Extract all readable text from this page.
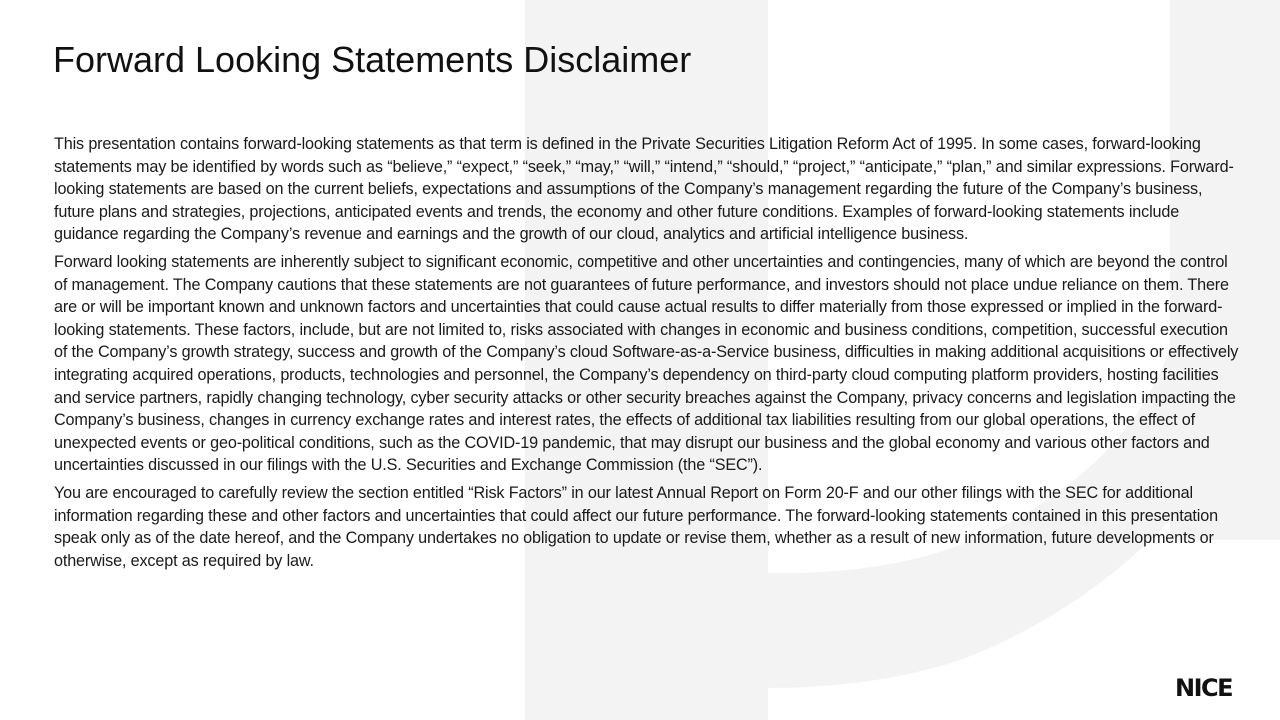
Forward Looking Statements Disclaimer

This presentation contains forward-looking statements as that term is defined in the Private Securities Litigation Reform Act of 1995. In some cases, forward-looking statements may be identified by words such as “believe,” “expect,” “seek,” “may,” “will,” “intend,” “should,” “project,” “anticipate,” “plan,” and similar expressions. Forward-looking statements are based on the current beliefs, expectations and assumptions of the Company’s management regarding the future of the Company’s business, future plans and strategies, projections, anticipated events and trends, the economy and other future conditions. Examples of forward-looking statements include guidance regarding the Company’s revenue and earnings and the growth of our cloud, analytics and artificial intelligence business.

Forward looking statements are inherently subject to significant economic, competitive and other uncertainties and contingencies, many of which are beyond the control of management. The Company cautions that these statements are not guarantees of future performance, and investors should not place undue reliance on them. There are or will be important known and unknown factors and uncertainties that could cause actual results to differ materially from those expressed or implied in the forward-looking statements. These factors, include, but are not limited to, risks associated with changes in economic and business conditions, competition, successful execution of the Company’s growth strategy, success and growth of the Company’s cloud Software-as-a-Service business, difficulties in making additional acquisitions or effectively integrating acquired operations, products, technologies and personnel, the Company’s dependency on third-party cloud computing platform providers, hosting facilities and service partners, rapidly changing technology, cyber security attacks or other security breaches against the Company, privacy concerns and legislation impacting the Company’s business, changes in currency exchange rates and interest rates, the effects of additional tax liabilities resulting from our global operations, the effect of unexpected events or geo-political conditions, such as the COVID-19 pandemic, that may disrupt our business and the global economy and various other factors and uncertainties discussed in our filings with the U.S. Securities and Exchange Commission (the “SEC”).

You are encouraged to carefully review the section entitled “Risk Factors” in our latest Annual Report on Form 20-F and our other filings with the SEC for additional information regarding these and other factors and uncertainties that could affect our future performance. The forward-looking statements contained in this presentation speak only as of the date hereof, and the Company undertakes no obligation to update or revise them, whether as a result of new information, future developments or otherwise, except as required by law.

NICE
